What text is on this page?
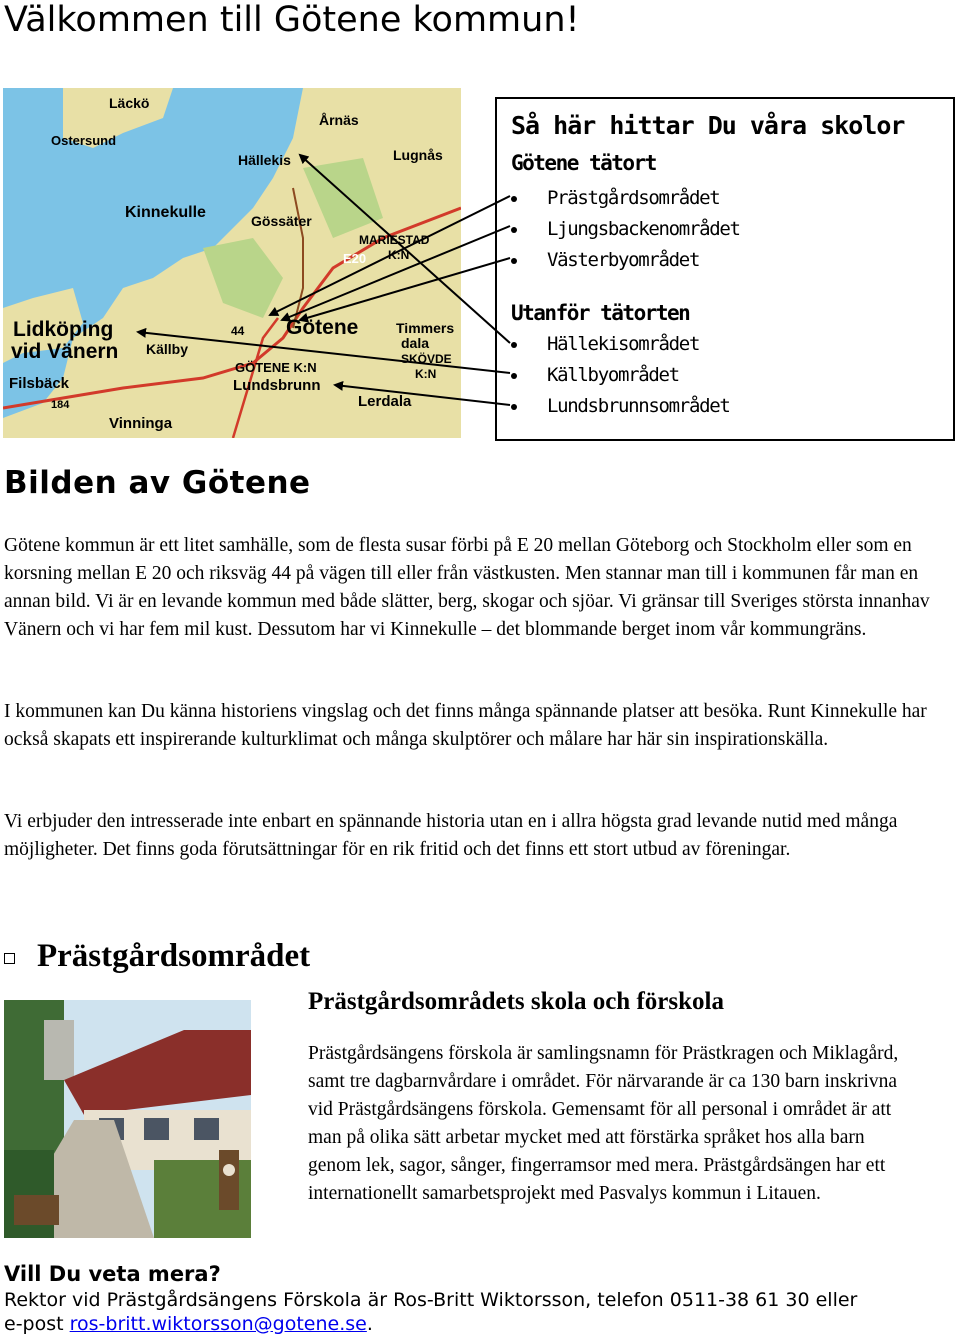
Välkommen till Götene kommun!
Läckö
Ostersund
Årnäs
Hällekis	Lugnås
Kinnekulle	Gössäter
MARIESTAD
K:N
E20
Lidköping
vid Vänern Källby
44 Götene	Timmers
dala
SKÖVDE
K:N
GÖTENE K:N
Filsbäck	Lundsbrunn
Lerdala
184
Vinninga
Så här hittar Du våra skolor
Götene tätort
Prästgårdsområdet
Ljungsbackenområdet
Västerbyområdet
Utanför tätorten
Hällekisområdet
Källbyområdet
Lundsbrunnsområdet
Bilden av Götene
Götene kommun är ett litet samhälle, som de flesta susar förbi på E 20 mellan Göteborg och Stockholm eller som en korsning mellan E 20 och riksväg 44 på vägen till eller från västkusten. Men stannar man till i kommunen får man en annan bild. Vi är en levande kommun med både slätter, berg, skogar och sjöar. Vi gränsar till Sveriges största innanhav Vänern och vi har fem mil kust. Dessutom har vi Kinnekulle – det blommande berget inom vår kommungräns.
I kommunen kan Du känna historiens vingslag och det finns många spännande platser att besöka. Runt Kinnekulle har också skapats ett inspirerande kulturklimat och många skulptörer och målare har här sin inspirationskälla.
Vi erbjuder den intresserade inte enbart en spännande historia utan en i allra högsta grad levande nutid med många möjligheter. Det finns goda förutsättningar för en rik fritid och det finns ett stort utbud av föreningar.
Prästgårdsområdet
Prästgårdsområdets skola och förskola
Prästgårdsängens förskola är samlingsnamn för Prästkragen och Miklagård, samt tre dagbarnvårdare i området. För närvarande är ca 130 barn inskrivna vid Prästgårdsängens förskola. Gemensamt för all personal i området är att man på olika sätt arbetar mycket med att förstärka språket hos alla barn genom lek, sagor, sånger, fingerramsor med mera. Prästgårdsängen har ett internationellt samarbetsprojekt med Pasvalys kommun i Litauen.
Vill Du veta mera?
Rektor vid Prästgårdsängens Förskola är Ros-Britt Wiktorsson, telefon 0511-38 61 30 eller
e-post ros-britt.wiktorsson@gotene.se.
